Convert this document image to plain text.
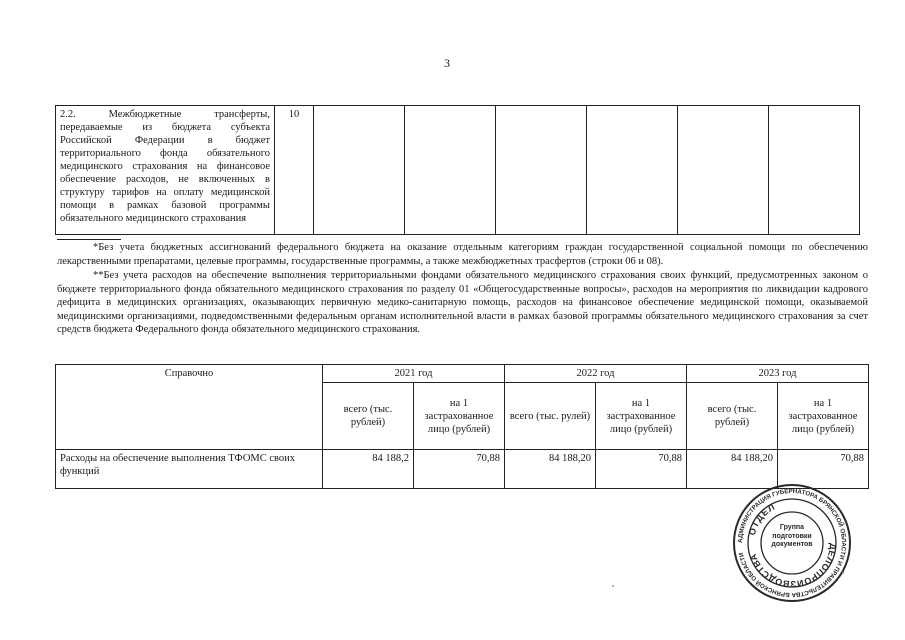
3
2.2. Межбюджетные трансферты, передаваемые из бюджета субъекта Российской Федерации в бюджет территориального фонда обязательного медицинского страхования на финансовое обеспечение расходов, не включенных в структуру тарифов на оплату медицинской помощи в рамках базовой программы обязательного медицинского страхования	10						

*Без учета бюджетных ассигнований федерального бюджета на оказание отдельным категориям граждан государственной социальной помощи по обеспечению лекарственными препаратами, целевые программы, государственные программы, а также межбюджетных трасфертов (строки 06 и 08).

**Без учета расходов на обеспечение выполнения территориальными фондами обязательного медицинского страхования своих функций, предусмотренных законом о бюджете территориального фонда обязательного медицинского страхования по разделу 01 «Общегосударственные вопросы», расходов на мероприятия по ликвидации кадрового дефицита в медицинских организациях, оказывающих первичную медико-санитарную помощь, расходов на финансовое обеспечение медицинской помощи, оказываемой медицинскими организациями, подведомственными федеральным органам исполнительной власти в рамках базовой программы обязательного медицинского страхования за счет средств бюджета Федерального фонда обязательного медицинского страхования.

Справочно	2021 год		2022 год		2023 год	
	всего (тыс. рублей)	на 1 застрахованное лицо (рублей)	всего (тыс. рулей)	на 1 застрахованное лицо (рублей)	всего (тыс. рублей)	на 1 застрахованное лицо (рублей)
Расходы на обеспечение выполнения ТФОМС своих функций	84 188,2	70,88	84 188,20	70,88	84 188,20	70,88
АДМИНИСТРАЦИЯ ГУБЕРНАТОРА БРЯНСКОЙ ОБЛАСТИ И ПРАВИТЕЛЬСТВА БРЯНСКОЙ ОБЛАСТИ
ОТДЕЛ
ДЕЛОПРОИЗВОДСТВА
Группа подготовки документов
